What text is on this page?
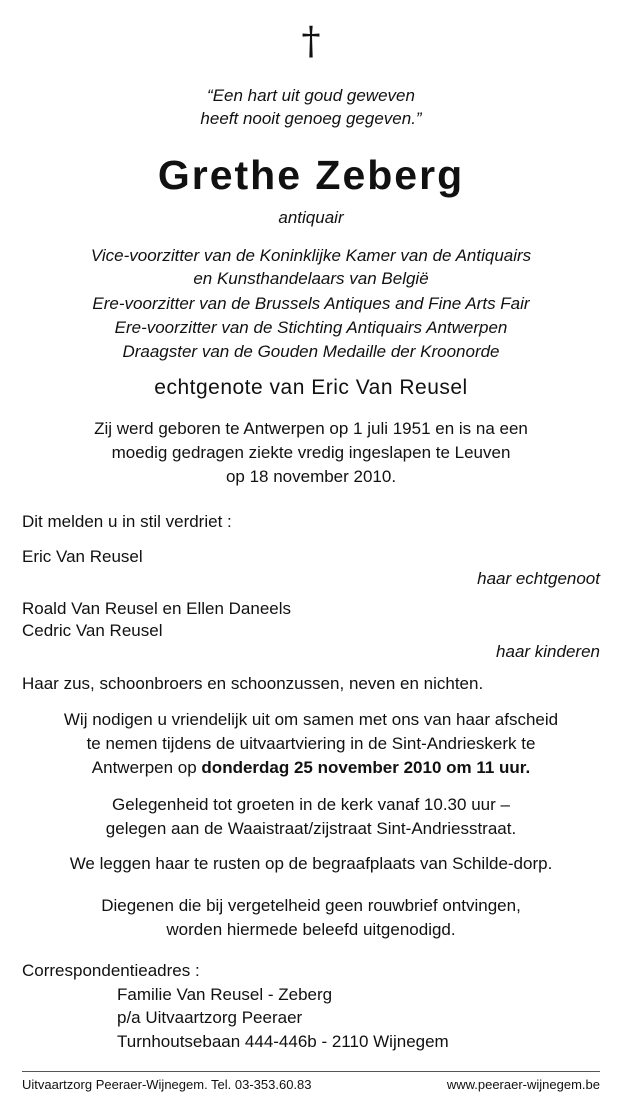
†
“Een hart uit goud geweven
heeft nooit genoeg gegeven.”
Grethe Zeberg
antiquair
Vice-voorzitter van de Koninklijke Kamer van de Antiquairs
en Kunsthandelaars van België
Ere-voorzitter van de Brussels Antiques and Fine Arts Fair
Ere-voorzitter van de Stichting Antiquairs Antwerpen
Draagster van de Gouden Medaille der Kroonorde
echtgenote van Eric Van Reusel
Zij werd geboren te Antwerpen op 1 juli 1951 en is na een
moedig gedragen ziekte vredig ingeslapen te Leuven
op 18 november 2010.
Dit melden u in stil verdriet :
Eric Van Reusel
haar echtgenoot
Roald Van Reusel en Ellen Daneels
Cedric Van Reusel
haar kinderen
Haar zus, schoonbroers en schoonzussen, neven en nichten.
Wij nodigen u vriendelijk uit om samen met ons van haar afscheid
te nemen tijdens de uitvaartviering in de Sint-Andrieskerk te
Antwerpen op donderdag 25 november 2010 om 11 uur.
Gelegenheid tot groeten in de kerk vanaf 10.30 uur –
gelegen aan de Waaistraat/zijstraat Sint-Andriesstraat.
We leggen haar te rusten op de begraafplaats van Schilde-dorp.
Diegenen die bij vergetelheid geen rouwbrief ontvingen,
worden hiermede beleefd uitgenodigd.
Correspondentieadres :
Familie Van Reusel - Zeberg
p/a Uitvaartzorg Peeraer
Turnhoutsebaan 444-446b - 2110 Wijnegem
Uitvaartzorg Peeraer-Wijnegem. Tel. 03-353.60.83	www.peeraer-wijnegem.be
